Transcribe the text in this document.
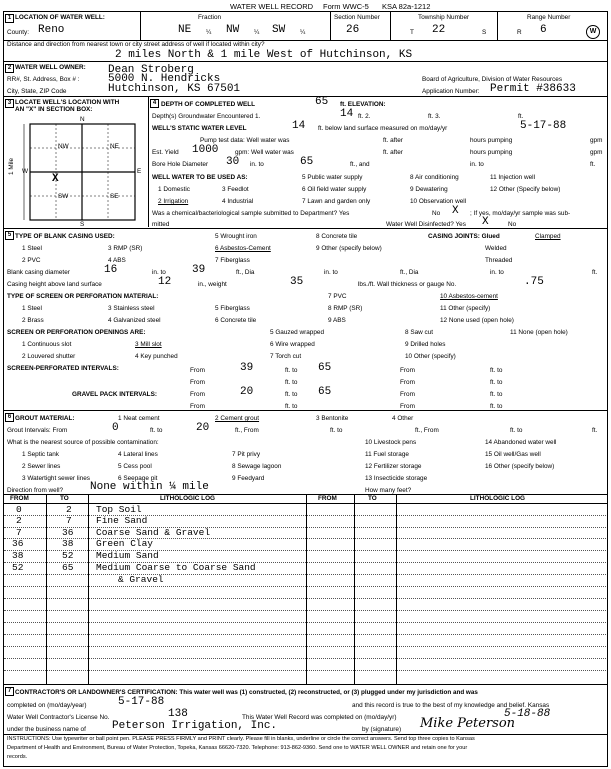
WATER WELL RECORD Form WWC-5 KSA 82a-1212
W
1 LOCATION OF WATER WELL:
County: Reno
Fraction
NE ¼ NW ¼ SW ¼
Section Number
26
Township Number
T 22	S
Range Number
R 6
Distance and direction from nearest town or city street address of well if located within city?
2 miles North & 1 mile West of Hutchinson, KS
2 WATER WELL OWNER: Dean Stroberg
RR#, St. Address, Box # :	5000 N. Hendricks	Board of Agriculture, Division of Water Resources
City, State, ZIP Code	Hutchinson, KS 67501	Application Number: Permit #38633
3 LOCATE WELL'S LOCATION WITH
AN "X" IN SECTION BOX:
N
S
W	E
NW	NE
SW	SE
1 Mile
X
4 DEPTH OF COMPLETED WELL	65 ft. ELEVATION:
Depth(s) Groundwater Encountered 1.	14 ft. 2.	ft. 3.	ft.
WELL'S STATIC WATER LEVEL	14 ft. below land surface measured on mo/day/yr	5-17-88
Pump test data: Well water was	ft. after	hours pumping	gpm
Est. Yield 1000	gpm: Well water was	ft. after	hours pumping	gpm
Bore Hole Diameter 30 in. to	65	ft., and	in. to	ft.
WELL WATER TO BE USED AS:
1 Domestic	3 Feedlot
5 Public water supply	8 Air conditioning	11 Injection well
2 Irrigation	4 Industrial	7 Lawn and garden only
9 Dewatering	12 Other (Specify below)
6 Oil field water supply
10 Observation well
Was a chemical/bacteriological sample submitted to Department? Yes	No X ; If yes, mo/day/yr sample was sub-
mitted	Water Well Disinfected? Yes X	No
5 TYPE OF BLANK CASING USED:
1 Steel	3 RMP (SR)
5 Wrought iron	8 Concrete tile
2 PVC	4 ABS
6 Asbestos-Cement
7 Fiberglass
9 Other (specify below)
CASING JOINTS: Glued	Clamped
Welded
Threaded
Blank casing diameter	16	in. to 39	ft., Dia	in. to	ft., Dia	in. to	ft.
Casing height above land surface	12	in., weight	35	lbs./ft. Wall thickness or gauge No.	.75
TYPE OF SCREEN OR PERFORATION MATERIAL:
1 Steel	3 Stainless steel	5 Fiberglass
7 PVC	10 Asbestos-cement
2 Brass	4 Galvanized steel	6 Concrete tile
8 RMP (SR)
9 ABS
11 Other (specify)
12 None used (open hole)
SCREEN OR PERFORATION OPENINGS ARE:	5 Gauzed wrapped	8 Saw cut	11 None (open hole)
1 Continuous slot	3 Mill slot	6 Wire wrapped	9 Drilled holes
2 Louvered shutter	4 Key punched	7 Torch cut	10 Other (specify)
SCREEN-PERFORATED INTERVALS:	From	39	ft. to 65	From	ft. to
From	ft. to	From	ft. to
GRAVEL PACK INTERVALS:	From	20	ft. to 65	From	ft. to
From	ft. to	From	ft. to
6 GROUT MATERIAL:	1 Neat cement	2 Cement grout	3 Bentonite	4 Other
Grout Intervals: From	0	ft. to	20	ft., From	ft. to	ft., From	ft. to	ft.
What is the nearest source of possible contamination:	10 Livestock pens	14 Abandoned water well
1 Septic tank	4 Lateral lines	7 Pit privy	11 Fuel storage	15 Oil well/Gas well
2 Sewer lines	5 Cess pool	8 Sewage lagoon	12 Fertilizer storage	16 Other (specify below)
3 Watertight sewer lines	6 Seepage pit	9 Feedyard	13 Insecticide storage
Direction from well? None within ¼ mile	How many feet?
FROM	TO	LITHOLOGIC LOG	FROM	TO	LITHOLOGIC LOG
0	2	Top Soil
2	7	Fine Sand
7	36 Coarse Sand & Gravel
36	38 Green Clay
38	52 Medium Sand
52	65 Medium Coarse to Coarse Sand
& Gravel
7 CONTRACTOR'S OR LANDOWNER'S CERTIFICATION: This water well was (1) constructed, (2) reconstructed, or (3) plugged under my jurisdiction and was
completed on (mo/day/year)	5-17-88	and this record is true to the best of my knowledge and belief. Kansas
Water Well Contractor's License No.	138	This Water Well Record was completed on (mo/day/yr)	5-18-88
under the business name of Peterson Irrigation, Inc.	by (signature) Mike Peterson
INSTRUCTIONS: Use typewriter or ball point pen. PLEASE PRESS FIRMLY and PRINT clearly. Please fill in blanks, underline or circle the correct answers. Send top three copies to Kansas
Department of Health and Environment, Bureau of Water Protection, Topeka, Kansas 66620-7320. Telephone: 913-862-9360. Send one to WATER WELL OWNER and retain one for your
records.
